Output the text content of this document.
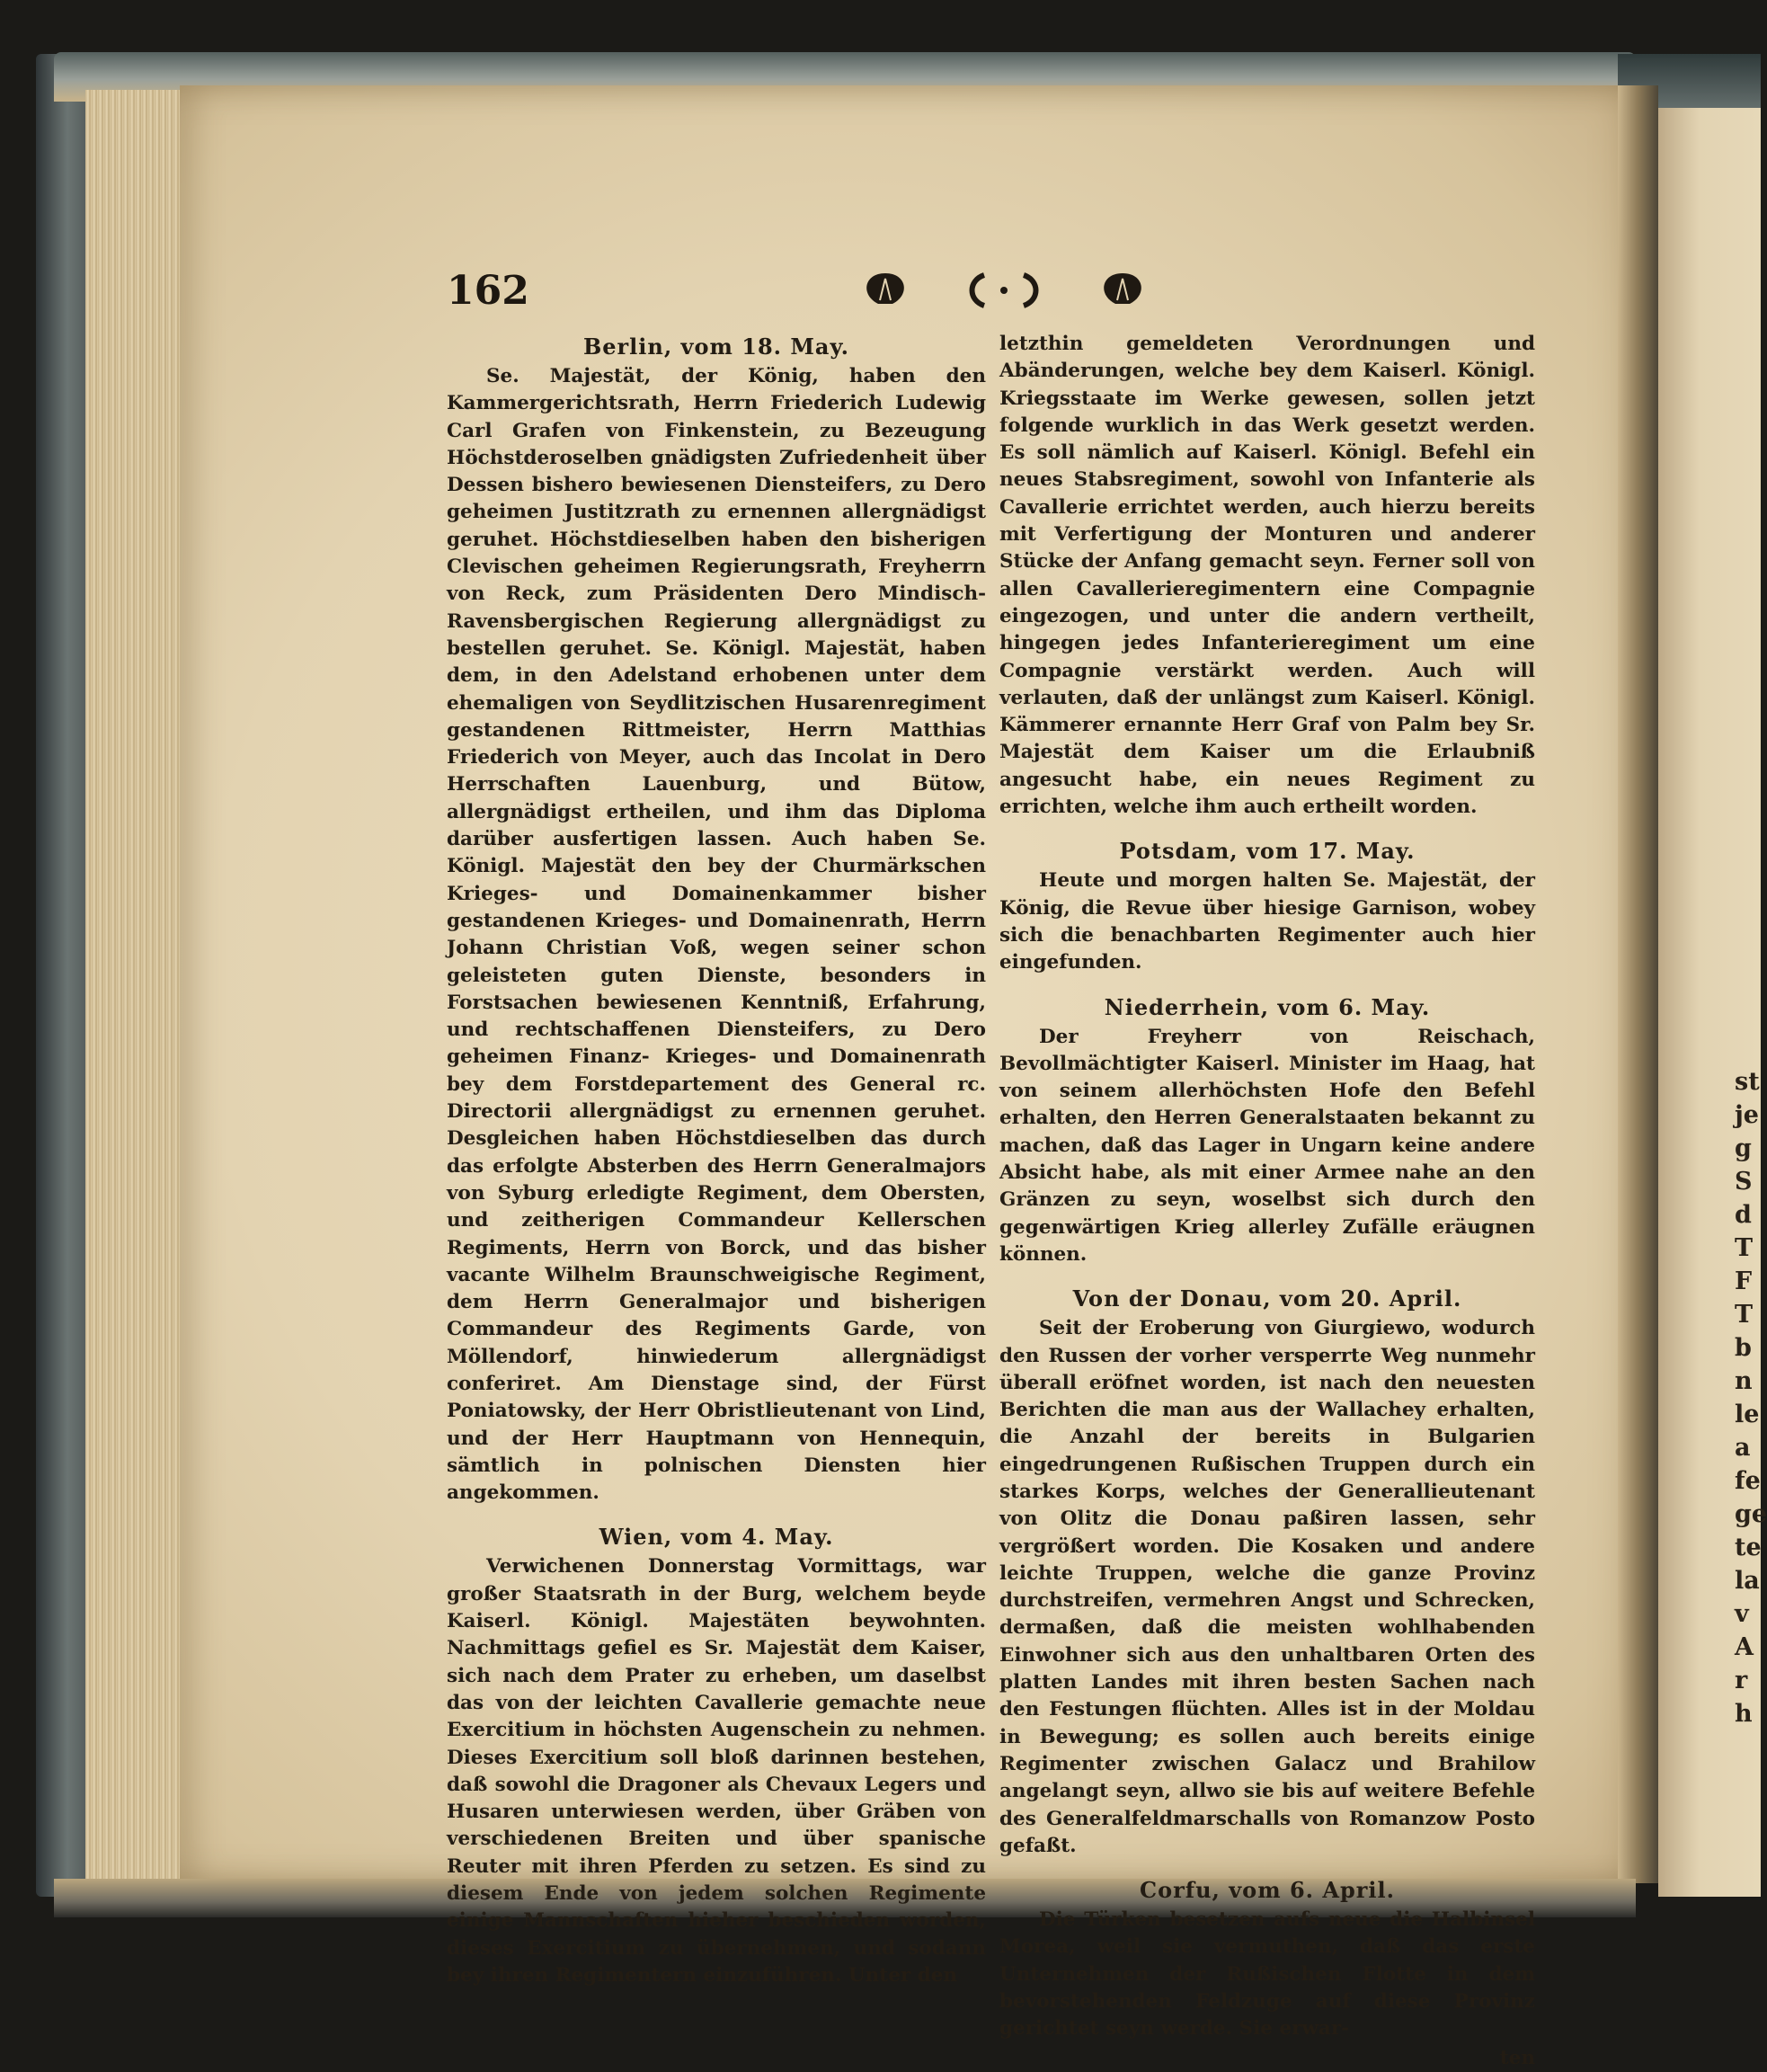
st
je
g
S
d
T
F
T
b
n
le
a
fe
ge
te
la
v
A
r
h
162
Berlin, vom 18. May.

Se. Majestät, der König, haben den Kammergerichtsrath, Herrn Friederich Ludewig Carl Grafen von Finkenstein, zu Bezeugung Höchstderoselben gnädigsten Zufriedenheit über Dessen bishero bewiesenen Diensteifers, zu Dero geheimen Justitzrath zu ernennen allergnädigst geruhet. Höchstdieselben haben den bisherigen Clevischen geheimen Regierungsrath, Freyherrn von Reck, zum Präsidenten Dero Mindisch-Ravensbergischen Regierung allergnädigst zu bestellen geruhet. Se. Königl. Majestät, haben dem, in den Adelstand erhobenen unter dem ehemaligen von Seydlitzischen Husarenregiment gestandenen Rittmeister, Herrn Matthias Friederich von Meyer, auch das Incolat in Dero Herrschaften Lauenburg, und Bütow, allergnädigst ertheilen, und ihm das Diploma darüber ausfertigen lassen. Auch haben Se. Königl. Majestät den bey der Churmärkschen Krieges- und Domainenkammer bisher gestandenen Krieges- und Domainenrath, Herrn Johann Christian Voß, wegen seiner schon geleisteten guten Dienste, besonders in Forstsachen bewiesenen Kenntniß, Erfahrung, und rechtschaffenen Diensteifers, zu Dero geheimen Finanz- Krieges- und Domainenrath bey dem Forstdepartement des General rc. Directorii allergnädigst zu ernennen geruhet. Desgleichen haben Höchstdieselben das durch das erfolgte Absterben des Herrn Generalmajors von Syburg erledigte Regiment, dem Obersten, und zeitherigen Commandeur Kellerschen Regiments, Herrn von Borck, und das bisher vacante Wilhelm Braunschweigische Regiment, dem Herrn Generalmajor und bisherigen Commandeur des Regiments Garde, von Möllendorf, hinwiederum allergnädigst conferiret. Am Dienstage sind, der Fürst Poniatowsky, der Herr Obristlieutenant von Lind, und der Herr Hauptmann von Hennequin, sämtlich in polnischen Diensten hier angekommen.

Wien, vom 4. May.

Verwichenen Donnerstag Vormittags, war großer Staatsrath in der Burg, welchem beyde Kaiserl. Königl. Majestäten beywohnten. Nachmittags gefiel es Sr. Majestät dem Kaiser, sich nach dem Prater zu erheben, um daselbst das von der leichten Cavallerie gemachte neue Exercitium in höchsten Augenschein zu nehmen. Dieses Exercitium soll bloß darinnen bestehen, daß sowohl die Dragoner als Chevaux Legers und Husaren unterwiesen werden, über Gräben von verschiedenen Breiten und über spanische Reuter mit ihren Pferden zu setzen. Es sind zu diesem Ende von jedem solchen Regimente einige Mannschaften hieher beschieden worden, dieses Exercitium zu übernehmen, und sodann bey ihren Regimentern einzuführen. Unter den

letzthin gemeldeten Verordnungen und Abänderungen, welche bey dem Kaiserl. Königl. Kriegsstaate im Werke gewesen, sollen jetzt folgende wurklich in das Werk gesetzt werden. Es soll nämlich auf Kaiserl. Königl. Befehl ein neues Stabsregiment, sowohl von Infanterie als Cavallerie errichtet werden, auch hierzu bereits mit Verfertigung der Monturen und anderer Stücke der Anfang gemacht seyn. Ferner soll von allen Cavallerieregimentern eine Compagnie eingezogen, und unter die andern vertheilt, hingegen jedes Infanterieregiment um eine Compagnie verstärkt werden. Auch will verlauten, daß der unlängst zum Kaiserl. Königl. Kämmerer ernannte Herr Graf von Palm bey Sr. Majestät dem Kaiser um die Erlaubniß angesucht habe, ein neues Regiment zu errichten, welche ihm auch ertheilt worden.

Potsdam, vom 17. May.

Heute und morgen halten Se. Majestät, der König, die Revue über hiesige Garnison, wobey sich die benachbarten Regimenter auch hier eingefunden.

Niederrhein, vom 6. May.

Der Freyherr von Reischach, Bevollmächtigter Kaiserl. Minister im Haag, hat von seinem allerhöchsten Hofe den Befehl erhalten, den Herren Generalstaaten bekannt zu machen, daß das Lager in Ungarn keine andere Absicht habe, als mit einer Armee nahe an den Gränzen zu seyn, woselbst sich durch den gegenwärtigen Krieg allerley Zufälle eräugnen können.

Von der Donau, vom 20. April.

Seit der Eroberung von Giurgiewo, wodurch den Russen der vorher versperrte Weg nunmehr überall eröfnet worden, ist nach den neuesten Berichten die man aus der Wallachey erhalten, die Anzahl der bereits in Bulgarien eingedrungenen Rußischen Truppen durch ein starkes Korps, welches der Generallieutenant von Olitz die Donau paßiren lassen, sehr vergrößert worden. Die Kosaken und andere leichte Truppen, welche die ganze Provinz durchstreifen, vermehren Angst und Schrecken, dermaßen, daß die meisten wohlhabenden Einwohner sich aus den unhaltbaren Orten des platten Landes mit ihren besten Sachen nach den Festungen flüchten. Alles ist in der Moldau in Bewegung; es sollen auch bereits einige Regimenter zwischen Galacz und Brahilow angelangt seyn, allwo sie bis auf weitere Befehle des Generalfeldmarschalls von Romanzow Posto gefaßt.

Corfu, vom 6. April.

Die Türken besetzen aufs neue die Halbinsel Morea, weil sie vermuthen, daß das erste Unternehmen der Rußischen Flotte in dem bevorstehenden Feldzuge auf diese Provinz gerichtet seyn werde. Sie erwar-

ten
